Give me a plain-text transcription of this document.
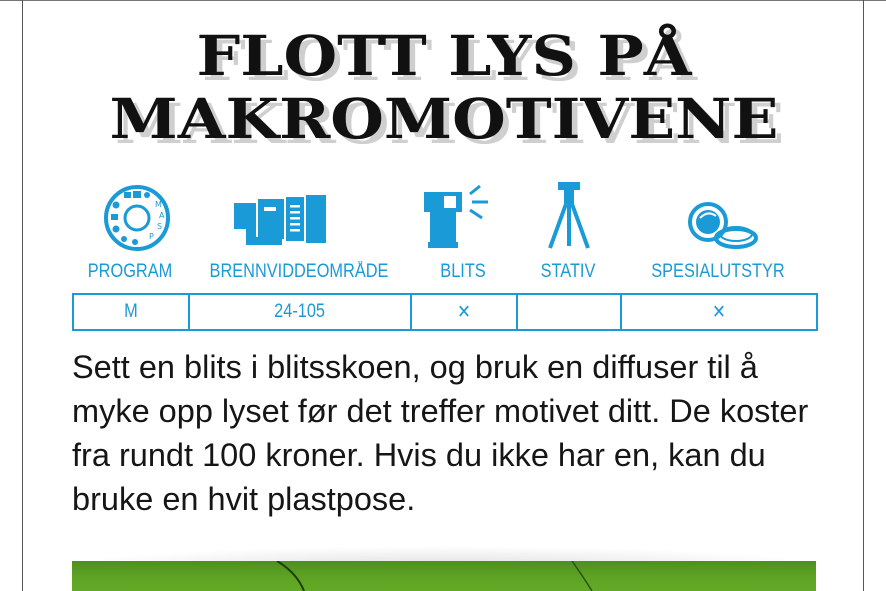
FLOTT LYS PÅ
MAKROMOTIVENE
M
A
S
P
PROGRAM	BRENNVIDDEOMRÅDE	BLITS	STATIV	SPESIALUTSTYR
M	24-105	✕		✕

Sett en blits i blitsskoen, og bruk en diffuser til å myke opp lyset før det treffer motivet ditt. De koster fra rundt 100 kroner. Hvis du ikke har en, kan du bruke en hvit plastpose.
